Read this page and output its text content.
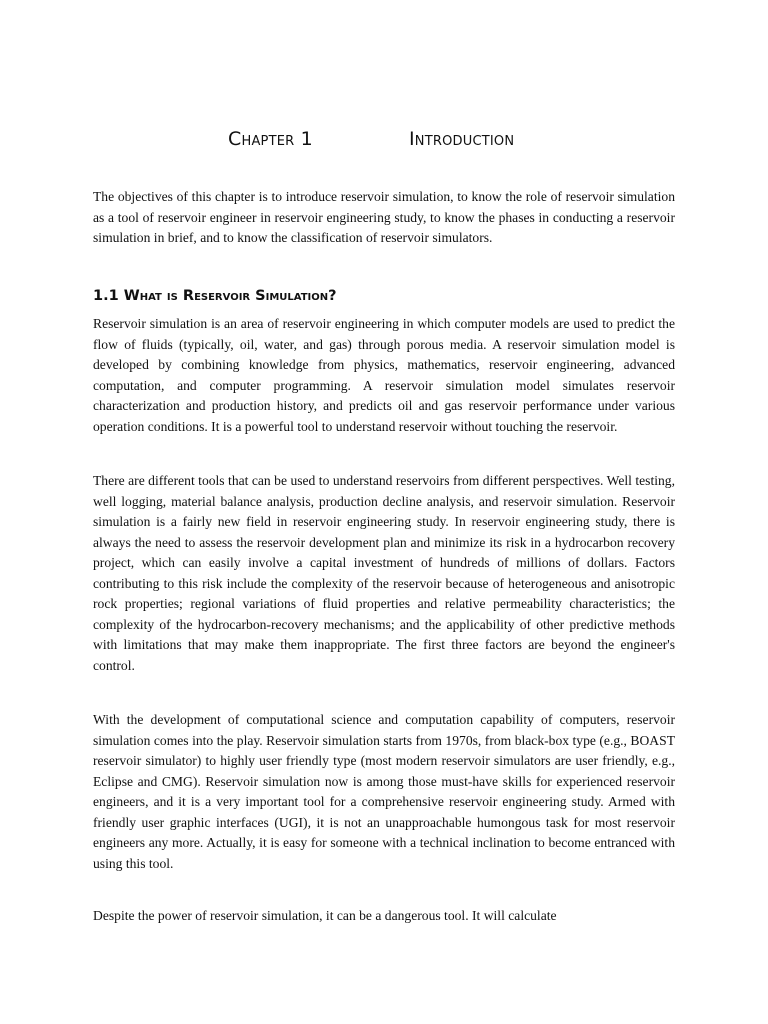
Chapter 1	Introduction

The objectives of this chapter is to introduce reservoir simulation, to know the role of reservoir simulation as a tool of reservoir engineer in reservoir engineering study, to know the phases in conducting a reservoir simulation in brief, and to know the classification of reservoir simulators.

1.1 What is Reservoir Simulation?

Reservoir simulation is an area of reservoir engineering in which computer models are used to predict the flow of fluids (typically, oil, water, and gas) through porous media. A reservoir simulation model is developed by combining knowledge from physics, mathematics, reservoir engineering, advanced computation, and computer programming. A reservoir simulation model simulates reservoir characterization and production history, and predicts oil and gas reservoir performance under various operation conditions. It is a powerful tool to understand reservoir without touching the reservoir.

There are different tools that can be used to understand reservoirs from different perspectives. Well testing, well logging, material balance analysis, production decline analysis, and reservoir simulation. Reservoir simulation is a fairly new field in reservoir engineering study. In reservoir engineering study, there is always the need to assess the reservoir development plan and minimize its risk in a hydrocarbon recovery project, which can easily involve a capital investment of hundreds of millions of dollars. Factors contributing to this risk include the complexity of the reservoir because of heterogeneous and anisotropic rock properties; regional variations of fluid properties and relative permeability characteristics; the complexity of the hydrocarbon-recovery mechanisms; and the applicability of other predictive methods with limitations that may make them inappropriate. The first three factors are beyond the engineer's control.

With the development of computational science and computation capability of computers, reservoir simulation comes into the play. Reservoir simulation starts from 1970s, from black-box type (e.g., BOAST reservoir simulator) to highly user friendly type (most modern reservoir simulators are user friendly, e.g., Eclipse and CMG). Reservoir simulation now is among those must-have skills for experienced reservoir engineers, and it is a very important tool for a comprehensive reservoir engineering study. Armed with friendly user graphic interfaces (UGI), it is not an unapproachable humongous task for most reservoir engineers any more. Actually, it is easy for someone with a technical inclination to become entranced with using this tool.

Despite the power of reservoir simulation, it can be a dangerous tool. It will calculate
